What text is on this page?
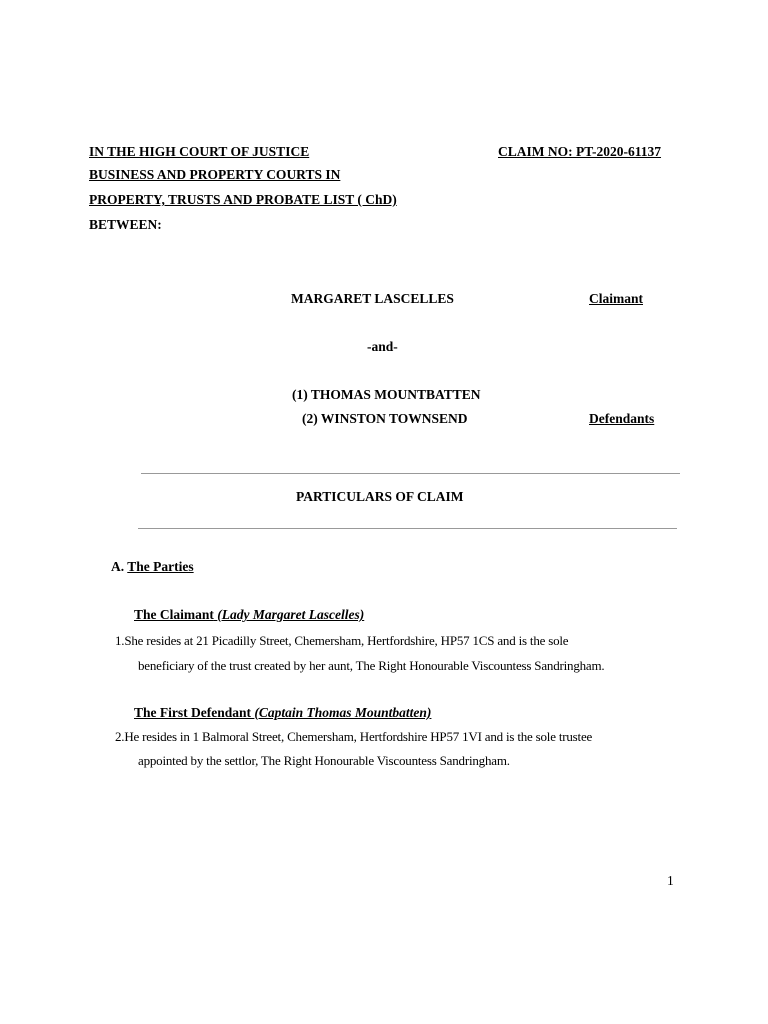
IN THE HIGH COURT OF JUSTICE	CLAIM NO: PT-2020-61137
BUSINESS AND PROPERTY COURTS IN
PROPERTY, TRUSTS AND PROBATE LIST ( ChD)
BETWEEN:
MARGARET LASCELLES	Claimant
-and-
(1) THOMAS MOUNTBATTEN
(2) WINSTON TOWNSEND	Defendants
PARTICULARS OF CLAIM
A. The Parties
The Claimant (Lady Margaret Lascelles)
1.She resides at 21 Picadilly Street, Chemersham, Hertfordshire, HP57 1CS and is the sole
beneficiary of the trust created by her aunt, The Right Honourable Viscountess Sandringham.
The First Defendant (Captain Thomas Mountbatten)
2.He resides in 1 Balmoral Street, Chemersham, Hertfordshire HP57 1VI and is the sole trustee
appointed by the settlor, The Right Honourable Viscountess Sandringham.
1
